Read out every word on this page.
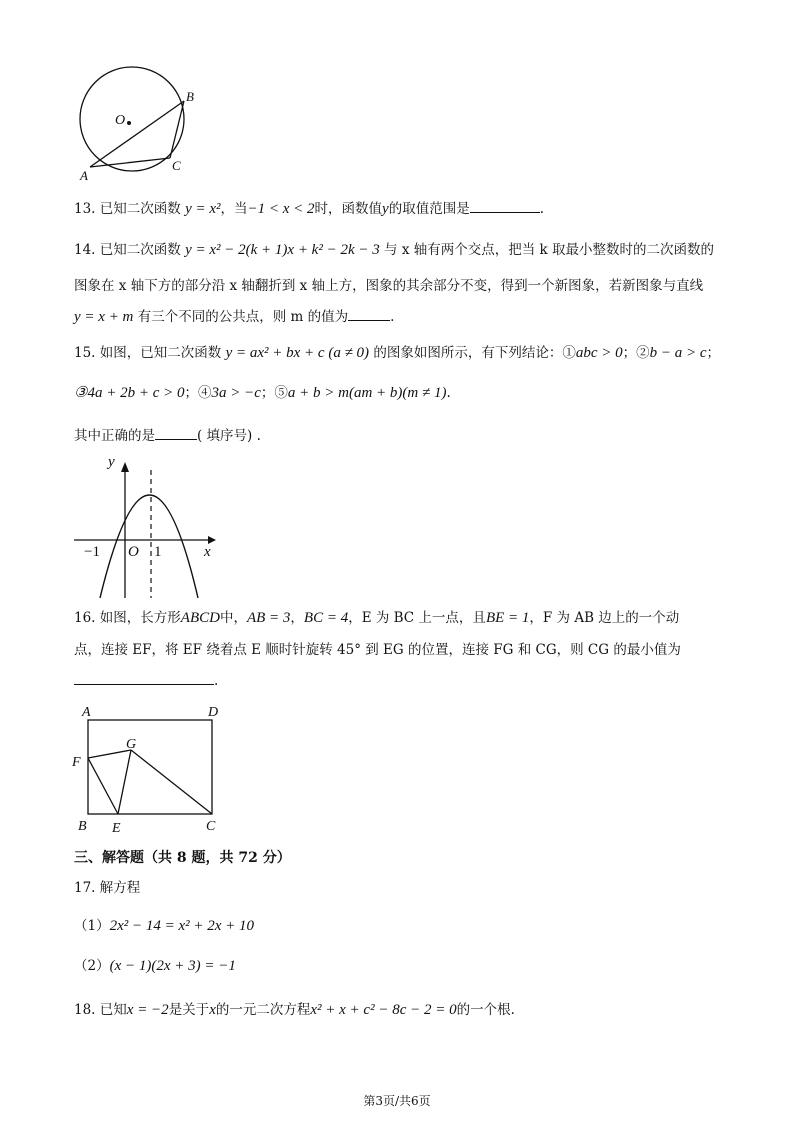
O
B
C
A
13. 已知二次函数 y = x²，当−1 < x < 2时，函数值y的取值范围是	.
14. 已知二次函数 y = x² − 2(k + 1)x + k² − 2k − 3 与 x 轴有两个交点，把当 k 取最小整数时的二次函数的
图象在 x 轴下方的部分沿 x 轴翻折到 x 轴上方，图象的其余部分不变，得到一个新图象，若新图象与直线
y = x + m 有三个不同的公共点，则 m 的值为	.
15. 如图，已知二次函数 y = ax² + bx + c (a ≠ 0) 的图象如图所示，有下列结论：①abc > 0；②b − a > c；
③4a + 2b + c > 0；④3a > −c；⑤a + b > m(am + b)(m ≠ 1).
其中正确的是	( 填序号) .
y
x
−1 O 1
16. 如图，长方形ABCD中，AB = 3，BC = 4，E 为 BC 上一点，且BE = 1，F 为 AB 边上的一个动
点，连接 EF，将 EF 绕着点 E 顺时针旋转 45° 到 EG 的位置，连接 FG 和 CG，则 CG 的最小值为
.
A	D
G
F
B E	C
三、解答题（共 8 题，共 72 分）
17. 解方程
（1）2x² − 14 = x² + 2x + 10
（2）(x − 1)(2x + 3) = −1
18. 已知x = −2是关于x的一元二次方程x² + x + c² − 8c − 2 = 0的一个根.
第3页/共6页
